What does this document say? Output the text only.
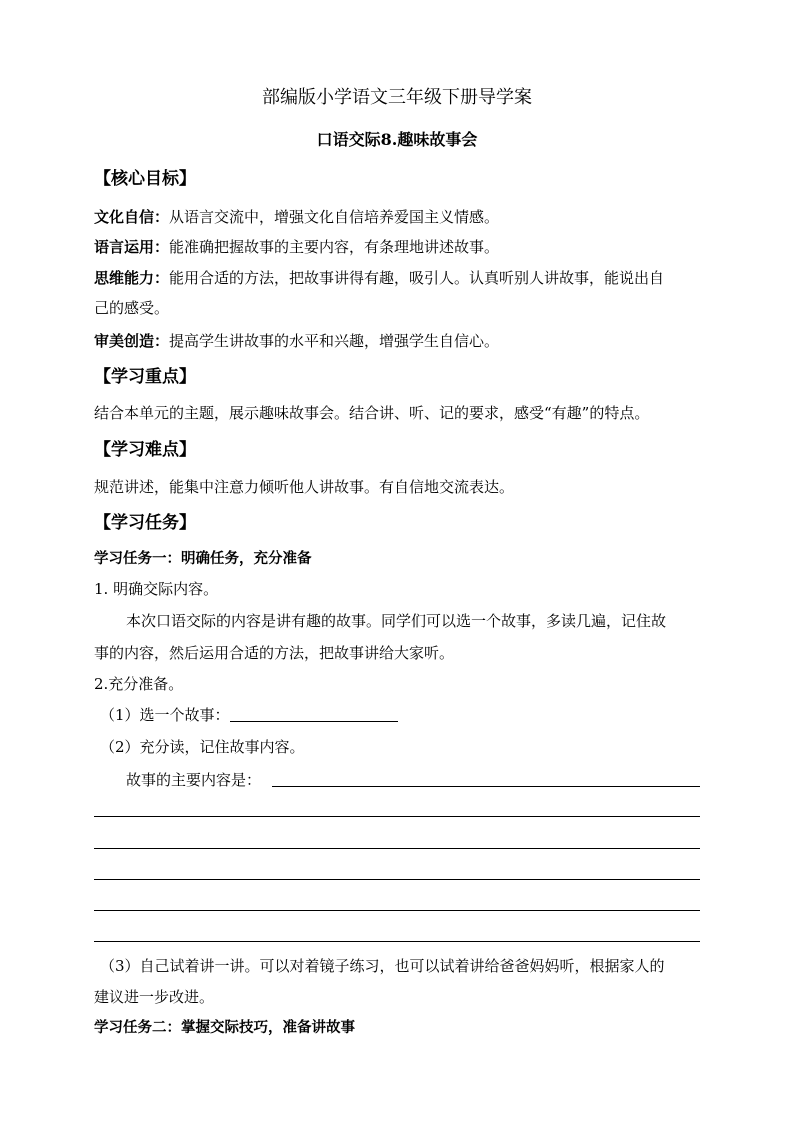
部编版小学语文三年级下册导学案
口语交际8.趣味故事会
【核心目标】
文化自信：从语言交流中，增强文化自信培养爱国主义情感。
语言运用：能准确把握故事的主要内容，有条理地讲述故事。
思维能力：能用合适的方法，把故事讲得有趣，吸引人。认真听别人讲故事，能说出自
己的感受。
审美创造：提高学生讲故事的水平和兴趣，增强学生自信心。
【学习重点】
结合本单元的主题，展示趣味故事会。结合讲、听、记的要求，感受“有趣”的特点。
【学习难点】
规范讲述，能集中注意力倾听他人讲故事。有自信地交流表达。
【学习任务】
学习任务一：明确任务，充分准备
1. 明确交际内容。
本次口语交际的内容是讲有趣的故事。同学们可以选一个故事，多读几遍，记住故
事的内容，然后运用合适的方法，把故事讲给大家听。
2.充分准备。
（1）选一个故事：
（2）充分读，记住故事内容。
故事的主要内容是：
（3）自己试着讲一讲。可以对着镜子练习，也可以试着讲给爸爸妈妈听，根据家人的
建议进一步改进。
学习任务二：掌握交际技巧，准备讲故事
